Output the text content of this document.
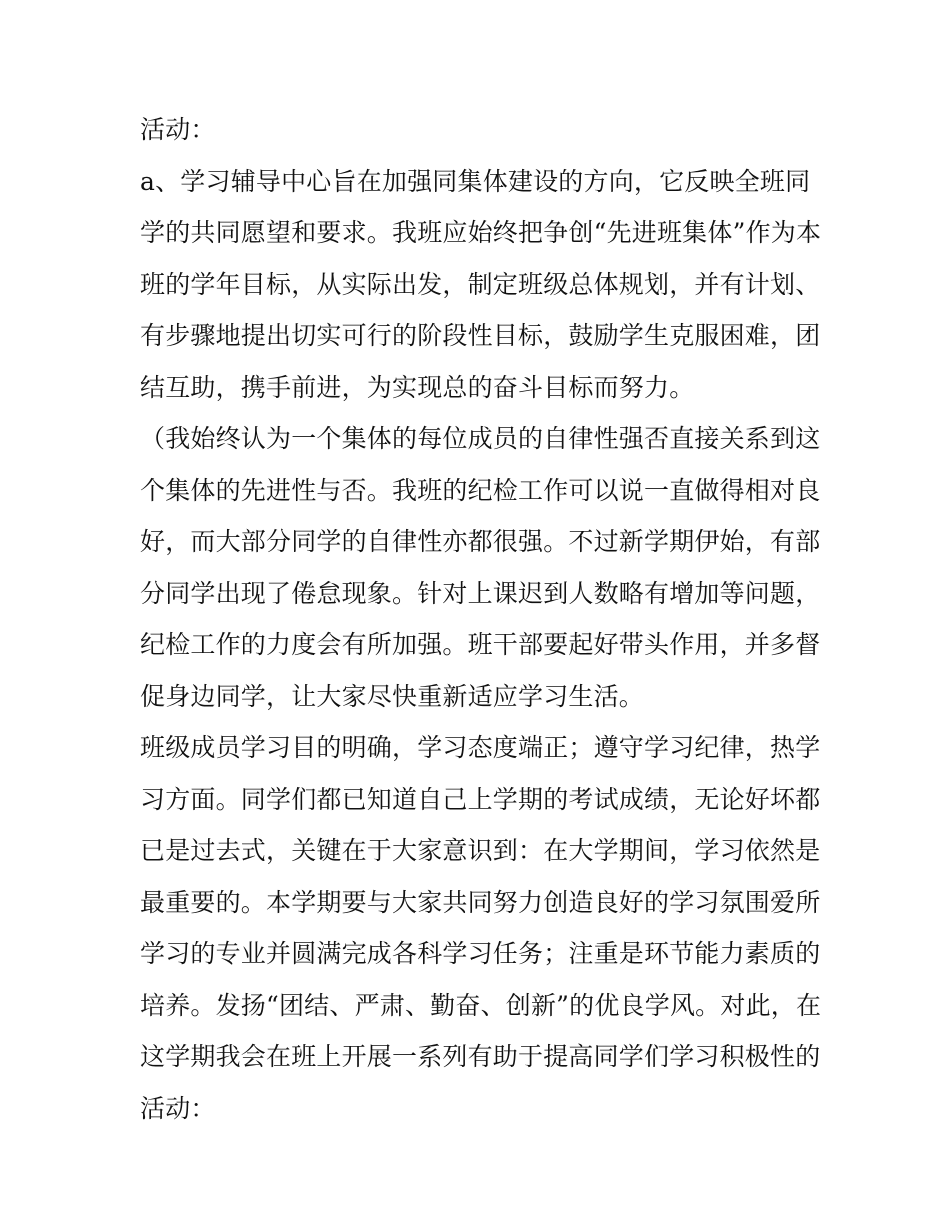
活动：
a、学习辅导中心旨在加强同集体建设的方向，它反映全班同
学的共同愿望和要求。我班应始终把争创“先进班集体”作为本
班的学年目标，从实际出发，制定班级总体规划，并有计划、
有步骤地提出切实可行的阶段性目标，鼓励学生克服困难，团
结互助，携手前进，为实现总的奋斗目标而努力。
（我始终认为一个集体的每位成员的自律性强否直接关系到这
个集体的先进性与否。我班的纪检工作可以说一直做得相对良
好，而大部分同学的自律性亦都很强。不过新学期伊始，有部
分同学出现了倦怠现象。针对上课迟到人数略有增加等问题，
纪检工作的力度会有所加强。班干部要起好带头作用，并多督
促身边同学，让大家尽快重新适应学习生活。
班级成员学习目的明确，学习态度端正；遵守学习纪律，热学
习方面。同学们都已知道自己上学期的考试成绩，无论好坏都
已是过去式，关键在于大家意识到：在大学期间，学习依然是
最重要的。本学期要与大家共同努力创造良好的学习氛围爱所
学习的专业并圆满完成各科学习任务；注重是环节能力素质的
培养。发扬“团结、严肃、勤奋、创新”的优良学风。对此，在
这学期我会在班上开展一系列有助于提高同学们学习积极性的
活动：
